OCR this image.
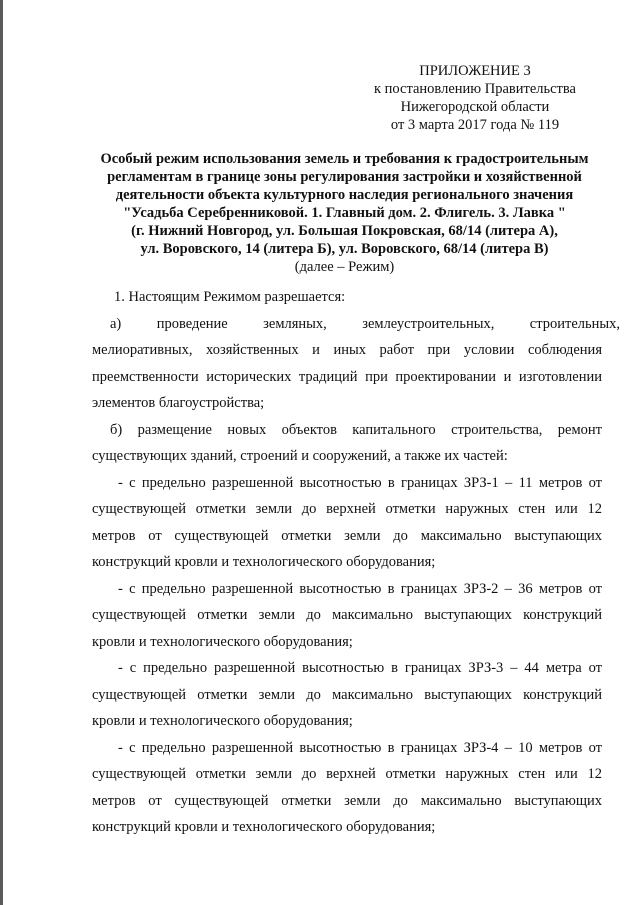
ПРИЛОЖЕНИЕ 3
к постановлению Правительства
Нижегородской области
от 3 марта 2017 года № 119
Особый режим использования земель и требования к градостроительным
регламентам в границе зоны регулирования застройки и хозяйственной
деятельности объекта культурного наследия регионального значения
"Усадьба Серебренниковой. 1. Главный дом. 2. Флигель. 3. Лавка "
(г. Нижний Новгород, ул. Большая Покровская, 68/14 (литера А),
ул. Воровского, 14 (литера Б), ул. Воровского, 68/14 (литера В)
(далее – Режим)
1. Настоящим Режимом разрешается:
а) проведение земляных, землеустроительных, строительных,
мелиоративных, хозяйственных и иных работ при условии соблюдения
преемственности исторических традиций при проектировании и изготовлении
элементов благоустройства;
б) размещение новых объектов капитального строительства, ремонт
существующих зданий, строений и сооружений, а также их частей:
- с предельно разрешенной высотностью в границах ЗРЗ-1 – 11 метров от
существующей отметки земли до верхней отметки наружных стен или 12
метров от существующей отметки земли до максимально выступающих
конструкций кровли и технологического оборудования;
- с предельно разрешенной высотностью в границах ЗРЗ-2 – 36 метров от
существующей отметки земли до максимально выступающих конструкций
кровли и технологического оборудования;
- с предельно разрешенной высотностью в границах ЗРЗ-3 – 44 метра от
существующей отметки земли до максимально выступающих конструкций
кровли и технологического оборудования;
- с предельно разрешенной высотностью в границах ЗРЗ-4 – 10 метров от
существующей отметки земли до верхней отметки наружных стен или 12
метров от существующей отметки земли до максимально выступающих
конструкций кровли и технологического оборудования;
